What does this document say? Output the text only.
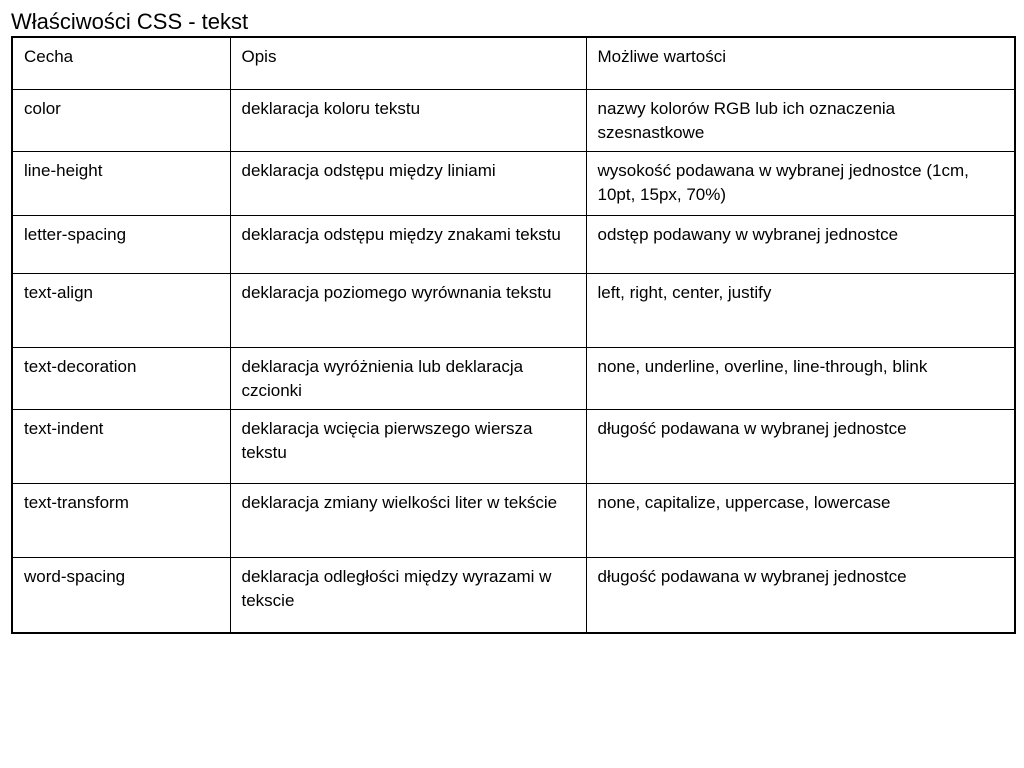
Właściwości CSS - tekst
Cecha	Opis	Możliwe wartości
color	deklaracja koloru tekstu	nazwy kolorów RGB lub ich oznaczenia szesnastkowe
line-height	deklaracja odstępu między liniami	wysokość podawana w wybranej jednostce (1cm, 10pt, 15px, 70%)
letter-spacing	deklaracja odstępu między znakami tekstu	odstęp podawany w wybranej jednostce
text-align	deklaracja poziomego wyrównania tekstu	left, right, center, justify
text-decoration	deklaracja wyróżnienia lub deklaracja czcionki	none, underline, overline, line-through, blink
text-indent	deklaracja wcięcia pierwszego wiersza tekstu	długość podawana w wybranej jednostce
text-transform	deklaracja zmiany wielkości liter w tekście	none, capitalize, uppercase, lowercase
word-spacing	deklaracja odległości między wyrazami w tekscie	długość podawana w wybranej jednostce
